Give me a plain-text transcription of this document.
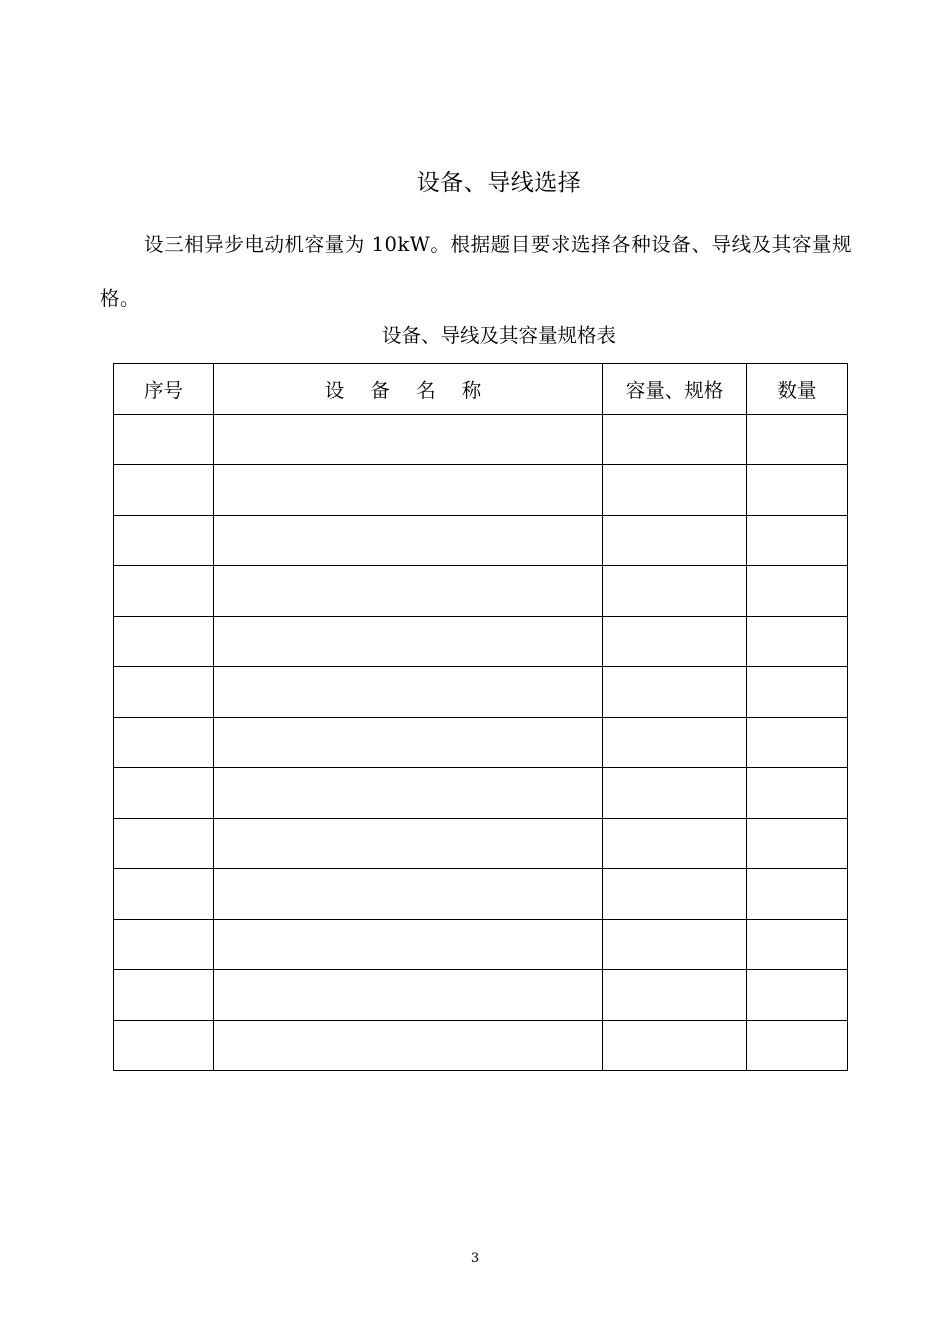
设备、导线选择
设三相异步电动机容量为 10kW。根据题目要求选择各种设备、导线及其容量规格。
设备、导线及其容量规格表
序号	设 备 名 称	容量、规格	数量

3
